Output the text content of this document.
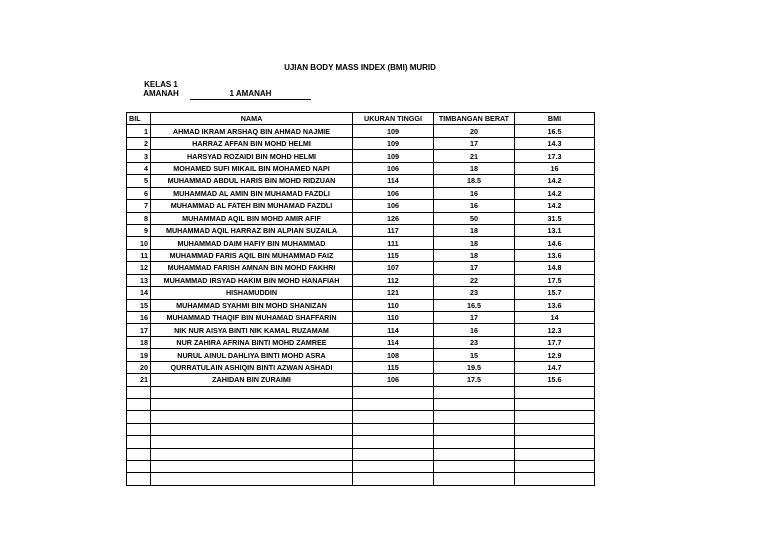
UJIAN BODY MASS INDEX (BMI) MURID
KELAS 1
AMANAH	1 AMANAH
BIL	NAMA	UKURAN TINGGI	TIMBANGAN BERAT	BMI
1	AHMAD IKRAM ARSHAQ BIN AHMAD NAJMIE	109	20	16.5
2	HARRAZ AFFAN BIN MOHD HELMI	109	17	14.3
3	HARSYAD ROZAIDI BIN MOHD HELMI	109	21	17.3
4	MOHAMED SUFI MIKAIL BIN MOHAMED NAPI	106	18	16
5	MUHAMMAD ABDUL HARIS BIN MOHD RIDZUAN	114	18.5	14.2
6	MUHAMMAD AL AMIN BIN MUHAMAD FAZDLI	106	16	14.2
7	MUHAMMAD AL FATEH BIN MUHAMAD FAZDLI	106	16	14.2
8	MUHAMMAD AQIL BIN MOHD AMIR AFIF	126	50	31.5
9	MUHAMMAD AQIL HARRAZ BIN ALPIAN SUZAILA	117	18	13.1
10	MUHAMMAD DAIM HAFIY BIN MUHAMMAD	111	18	14.6
11	MUHAMMAD FARIS AQIL BIN MUHAMMAD FAIZ	115	18	13.6
12	MUHAMMAD FARISH AMNAN BIN MOHD FAKHRI	107	17	14.8
13	MUHAMMAD IRSYAD HAKIM BIN MOHD HANAFIAH	112	22	17.5
14	HISHAMUDDIN	121	23	15.7
15	MUHAMMAD SYAHMI BIN MOHD SHANIZAN	110	16.5	13.6
16	MUHAMMAD THAQIF BIN MUHAMAD SHAFFARIN	110	17	14
17	NIK NUR AISYA BINTI NIK KAMAL RUZAMAM	114	16	12.3
18	NUR ZAHIRA AFRINA BINTI MOHD ZAMREE	114	23	17.7
19	NURUL AINUL DAHLIYA BINTI MOHD ASRA	108	15	12.9
20	QURRATULAIN ASHIQIN BINTI AZWAN ASHADI	115	19.5	14.7
21	ZAHIDAN BIN ZURAIMI	106	17.5	15.6
